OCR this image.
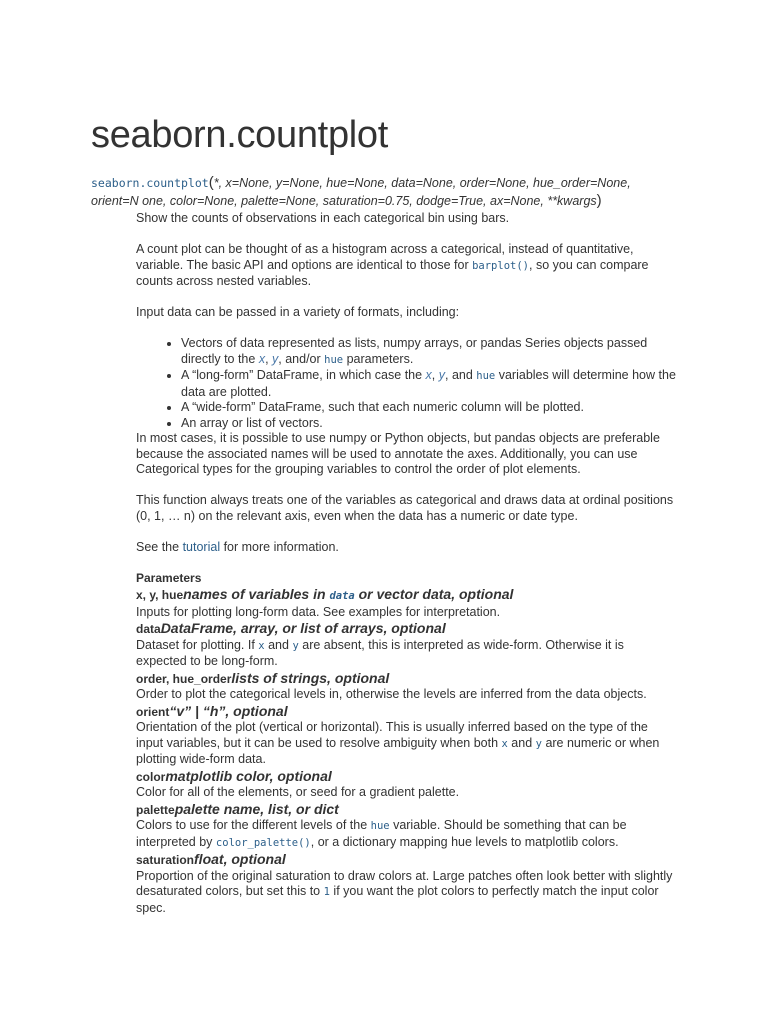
seaborn.countplot
seaborn.countplot(*, x=None, y=None, hue=None, data=None, order=None, hue_order=None, orient=N one, color=None, palette=None, saturation=0.75, dodge=True, ax=None, **kwargs)

Show the counts of observations in each categorical bin using bars.

A count plot can be thought of as a histogram across a categorical, instead of quantitative, variable. The basic API and options are identical to those for barplot(), so you can compare counts across nested variables.

Input data can be passed in a variety of formats, including:

• Vectors of data represented as lists, numpy arrays, or pandas Series objects passed directly to the x, y, and/or hue parameters.
• A “long-form” DataFrame, in which case the x, y, and hue variables will determine how the data are plotted.
• A “wide-form” DataFrame, such that each numeric column will be plotted.
• An array or list of vectors.

In most cases, it is possible to use numpy or Python objects, but pandas objects are preferable because the associated names will be used to annotate the axes. Additionally, you can use Categorical types for the grouping variables to control the order of plot elements.

This function always treats one of the variables as categorical and draws data at ordinal positions (0, 1, … n) on the relevant axis, even when the data has a numeric or date type.

See the tutorial for more information.

Parameters
x, y, huenames of variables in data or vector data, optional

Inputs for plotting long-form data. See examples for interpretation.

dataDataFrame, array, or list of arrays, optional

Dataset for plotting. If x and y are absent, this is interpreted as wide-form. Otherwise it is expected to be long-form.

order, hue_orderlists of strings, optional

Order to plot the categorical levels in, otherwise the levels are inferred from the data objects.

orient“v” | “h”, optional

Orientation of the plot (vertical or horizontal). This is usually inferred based on the type of the input variables, but it can be used to resolve ambiguity when both x and y are numeric or when plotting wide-form data.

colormatplotlib color, optional

Color for all of the elements, or seed for a gradient palette.

palettepalette name, list, or dict

Colors to use for the different levels of the hue variable. Should be something that can be interpreted by color_palette(), or a dictionary mapping hue levels to matplotlib colors.

saturationfloat, optional

Proportion of the original saturation to draw colors at. Large patches often look better with slightly desaturated colors, but set this to 1 if you want the plot colors to perfectly match the input color spec.
